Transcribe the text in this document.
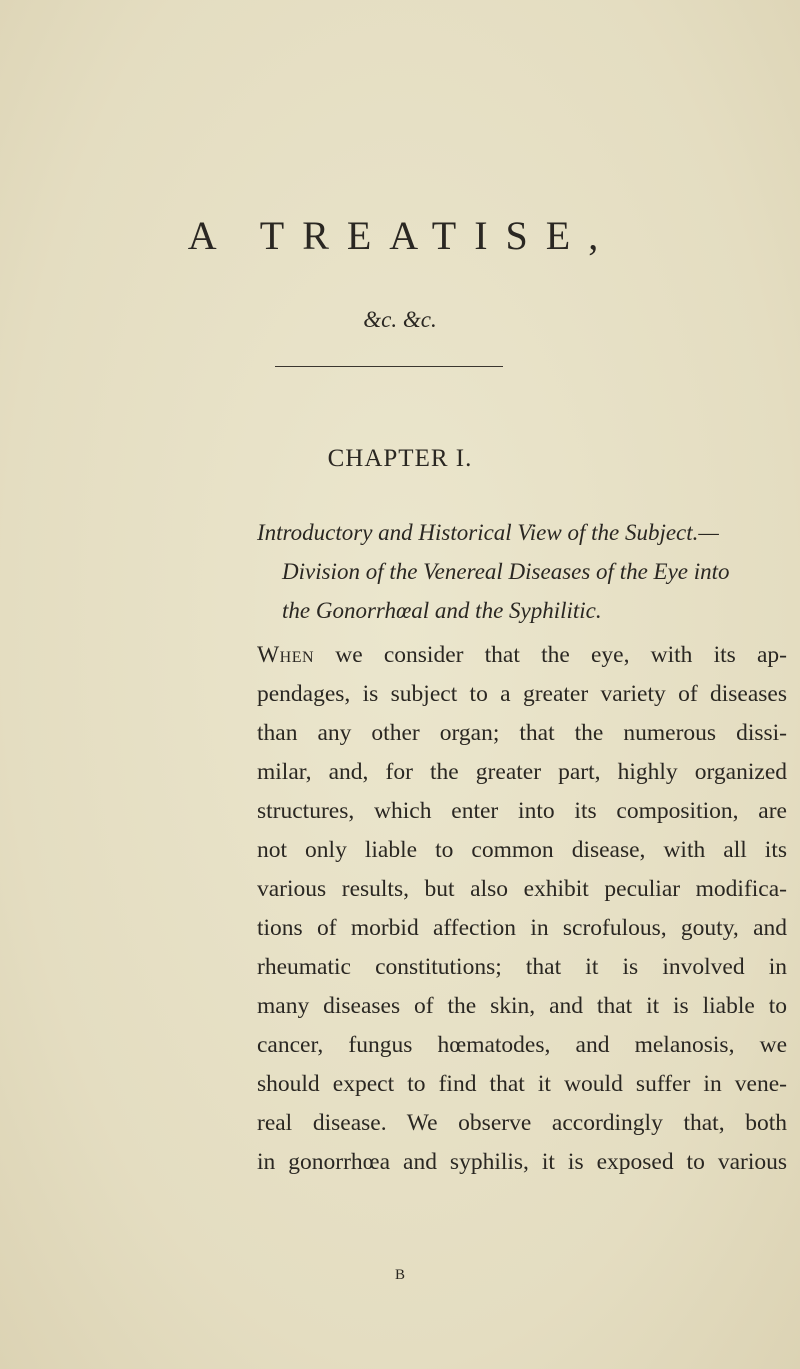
A TREATISE,
&c. &c.
CHAPTER I.
Introductory and Historical View of the Subject.—
Division of the Venereal Diseases of the Eye into
the Gonorrhœal and the Syphilitic.
When we consider that the eye, with its ap-
pendages, is subject to a greater variety of diseases
than any other organ; that the numerous dissi-
milar, and, for the greater part, highly organized
structures, which enter into its composition, are
not only liable to common disease, with all its
various results, but also exhibit peculiar modifica-
tions of morbid affection in scrofulous, gouty, and
rheumatic constitutions; that it is involved in
many diseases of the skin, and that it is liable to
cancer, fungus hœmatodes, and melanosis, we
should expect to find that it would suffer in vene-
real disease. We observe accordingly that, both
in gonorrhœa and syphilis, it is exposed to various
B
